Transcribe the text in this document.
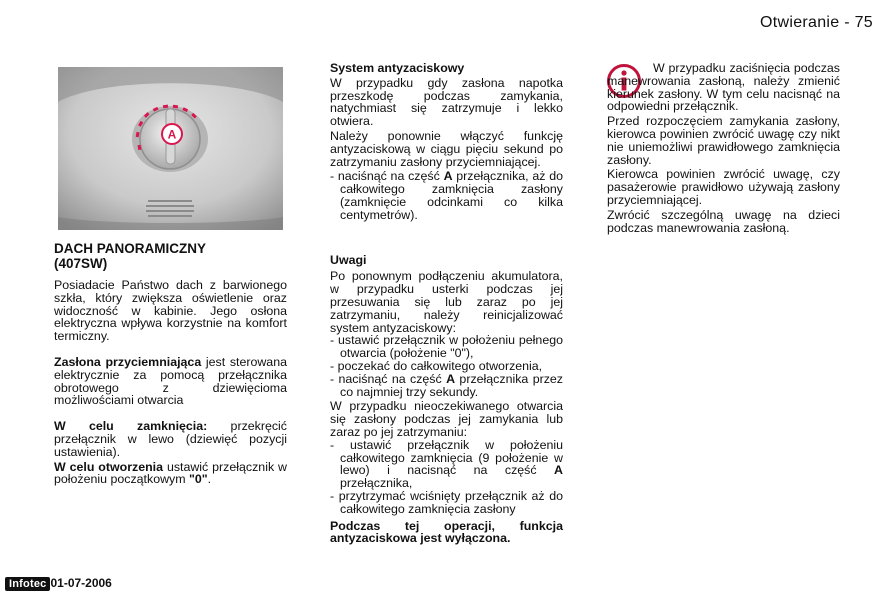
Otwieranie - 75
A
DACH PANORAMICZNY
(407SW)

Posiadacie Państwo dach z barwionego szkła, który zwiększa oświetlenie oraz widoczność w kabinie. Jego osłona elektryczna wpływa korzystnie na komfort termiczny.

Zasłona przyciemniająca jest sterowana elektrycznie za pomocą przełącznika obrotowego z dziewięcioma możliwościami otwarcia

W celu zamknięcia: przekręcić przełącznik w lewo (dziewięć pozycji ustawienia).

W celu otworzenia ustawić przełącznik w położeniu początkowym "0".

System antyzaciskowy

W przypadku gdy zasłona napotka przeszkodę podczas zamykania, natychmiast się zatrzymuje i lekko otwiera.

Należy ponownie włączyć funkcję antyzaciskową w ciągu pięciu sekund po zatrzymaniu zasłony przyciemniającej.

- naciśnąć na część A przełącznika, aż do całkowitego zamknięcia zasłony (zamknięcie odcinkami co kilka centymetrów).

Uwagi

Po ponownym podłączeniu akumulatora, w przypadku usterki podczas jej przesuwania się lub zaraz po jej zatrzymaniu, należy reinicjalizować system antyzaciskowy:

- ustawić przełącznik w położeniu pełnego otwarcia (położenie "0"),

- poczekać do całkowitego otworzenia,

- naciśnąć na część A przełącznika przez co najmniej trzy sekundy.

W przypadku nieoczekiwanego otwarcia się zasłony podczas jej zamykania lub zaraz po jej zatrzymaniu:

- ustawić przełącznik w położeniu całkowitego zamknięcia (9 położenie w lewo) i nacisnąć na część A przełącznika,

- przytrzymać wciśnięty przełącznik aż do całkowitego zamknięcia zasłony

Podczas tej operacji, funkcja antyzaciskowa jest wyłączona.

W przypadku zaciśnięcia podczas manewrowania zasłoną, należy zmienić kierunek zasłony. W tym celu nacisnąć na odpowiedni przełącznik.

Przed rozpoczęciem zamykania zasłony, kierowca powinien zwrócić uwagę czy nikt nie uniemożliwi prawidłowego zamknięcia zasłony.

Kierowca powinien zwrócić uwagę, czy pasażerowie prawidłowo używają zasłony przyciemniającej.

Zwrócić szczególną uwagę na dzieci podczas manewrowania zasłoną.

Infotec 01-07-2006
